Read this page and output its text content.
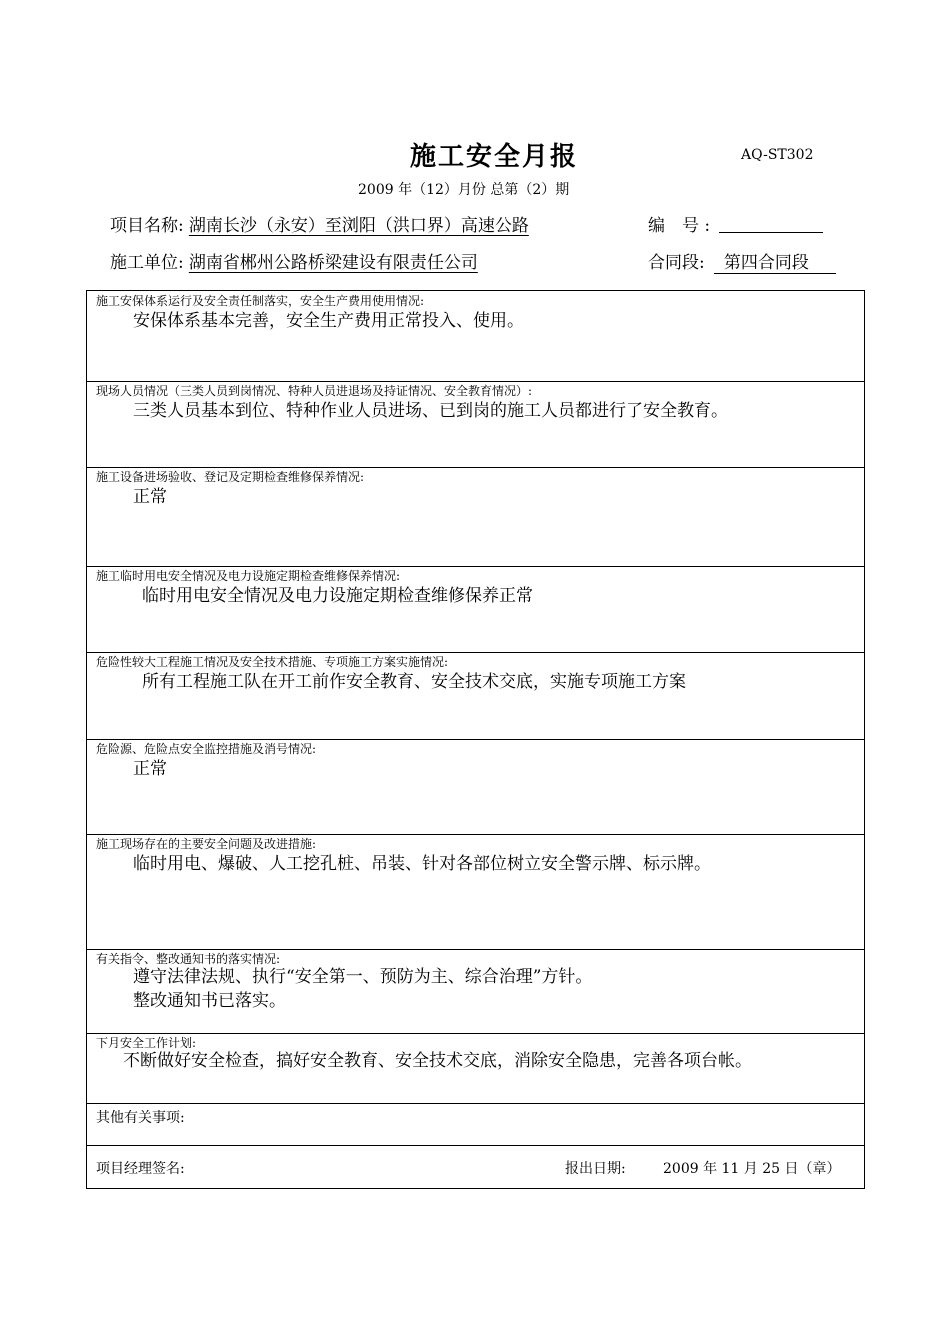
施工安全月报	AQ-ST302
2009 年（12）月份 总第（2）期
项目名称: 湖南长沙（永安）至浏阳（洪口界）高速公路	编　号 :
施工单位: 湖南省郴州公路桥梁建设有限责任公司	合同段: 第四合同段
施工安保体系运行及安全责任制落实，安全生产费用使用情况:
安保体系基本完善，安全生产费用正常投入、使用。
现场人员情况（三类人员到岗情况、特种人员进退场及持证情况、安全教育情况）:
三类人员基本到位、特种作业人员进场、已到岗的施工人员都进行了安全教育。
施工设备进场验收、登记及定期检查维修保养情况:
正常
施工临时用电安全情况及电力设施定期检查维修保养情况:
临时用电安全情况及电力设施定期检查维修保养正常
危险性较大工程施工情况及安全技术措施、专项施工方案实施情况:
所有工程施工队在开工前作安全教育、安全技术交底，实施专项施工方案
危险源、危险点安全监控措施及消号情况:
正常
施工现场存在的主要安全问题及改进措施:
临时用电、爆破、人工挖孔桩、吊装、针对各部位树立安全警示牌、标示牌。
有关指令、整改通知书的落实情况:
遵守法律法规、执行“安全第一、预防为主、综合治理”方针。
整改通知书已落实。
下月安全工作计划:
不断做好安全检查，搞好安全教育、安全技术交底，消除安全隐患，完善各项台帐。
其他有关事项:
项目经理签名:	报出日期:	2009 年 11 月 25 日（章）
